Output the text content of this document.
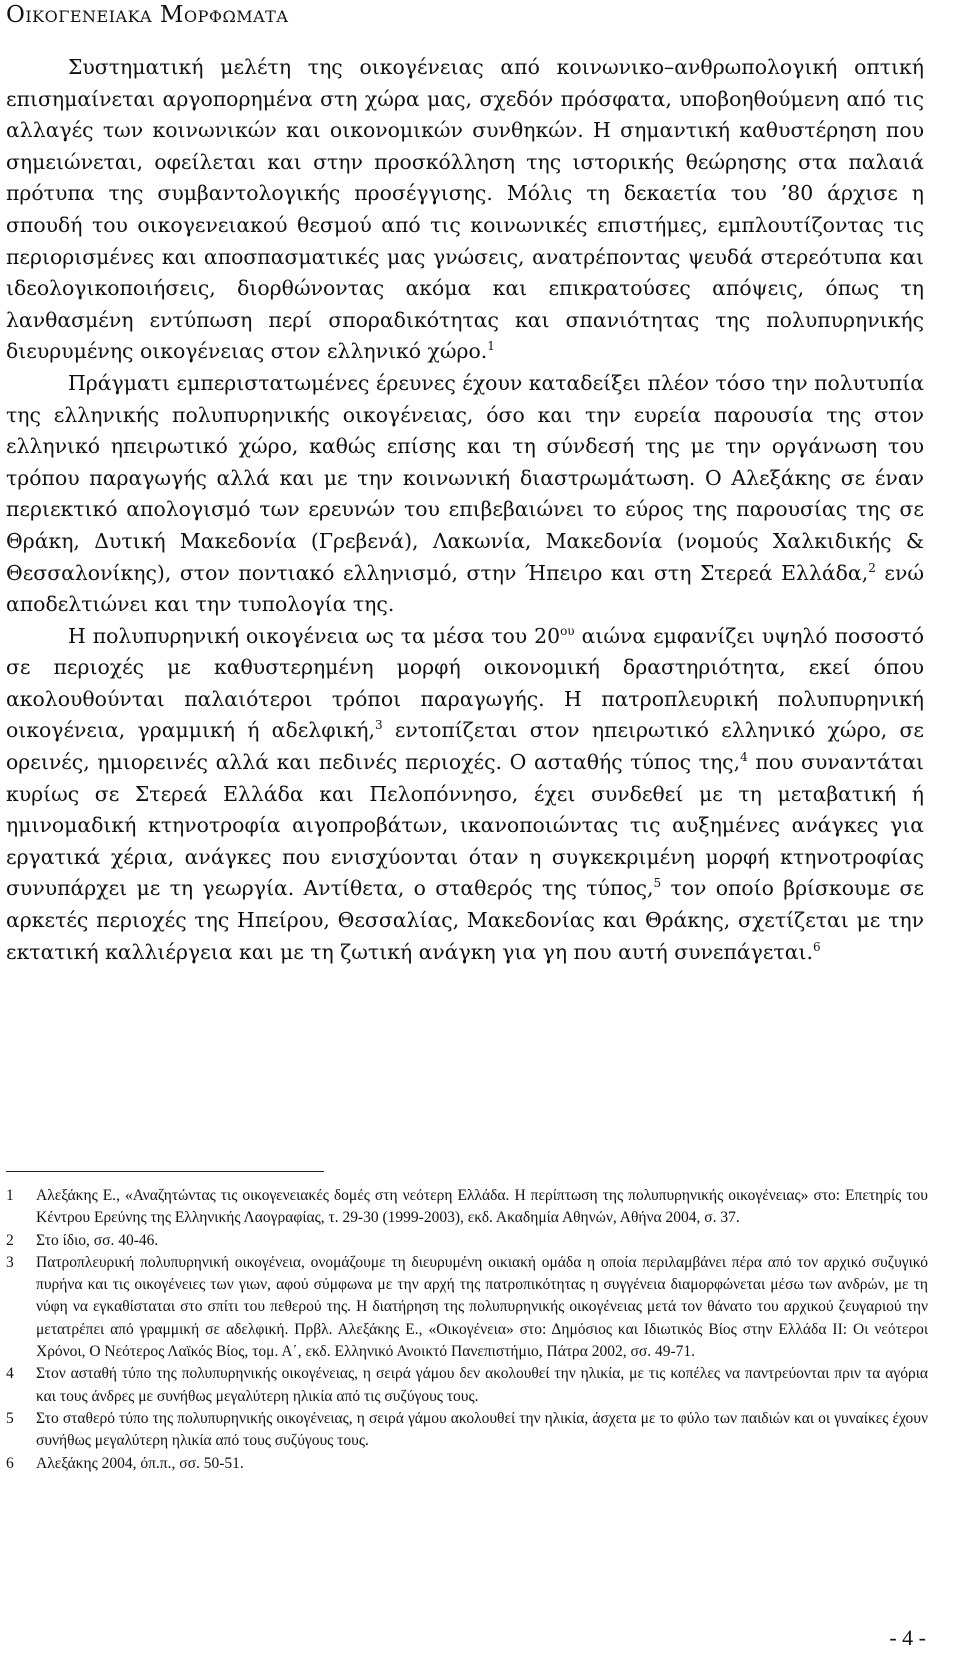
Οικογενειακα Μορφωματα

Συστηματική μελέτη της οικογένειας από κοινωνικο–ανθρωπολογική οπτική επισημαίνεται αργοπορημένα στη χώρα μας, σχεδόν πρόσφατα, υποβοηθούμενη από τις αλλαγές των κοινωνικών και οικονομικών συνθηκών. Η σημαντική καθυστέρηση που σημειώνεται, οφείλεται και στην προσκόλληση της ιστορικής θεώρησης στα παλαιά πρότυπα της συμβαντολογικής προσέγγισης. Μόλις τη δεκαετία του ’80 άρχισε η σπουδή του οικογενειακού θεσμού από τις κοινωνικές επιστήμες, εμπλουτίζοντας τις περιορισμένες και αποσπασματικές μας γνώσεις, ανατρέποντας ψευδά στερεότυπα και ιδεολογικοποιήσεις, διορθώνοντας ακόμα και επικρατούσες απόψεις, όπως τη λανθασμένη εντύπωση περί σποραδικότητας και σπανιότητας της πολυπυρηνικής διευρυμένης οικογένειας στον ελληνικό χώρο.$^1$

Πράγματι εμπεριστατωμένες έρευνες έχουν καταδείξει πλέον τόσο την πολυτυπία της ελληνικής πολυπυρηνικής οικογένειας, όσο και την ευρεία παρουσία της στον ελληνικό ηπειρωτικό χώρο, καθώς επίσης και τη σύνδεσή της με την οργάνωση του τρόπου παραγωγής αλλά και με την κοινωνική διαστρωμάτωση. Ο Αλεξάκης σε έναν περιεκτικό απολογισμό των ερευνών του επιβεβαιώνει το εύρος της παρουσίας της σε Θράκη, Δυτική Μακεδονία (Γρεβενά), Λακωνία, Μακεδονία (νομούς Χαλκιδικής & Θεσσαλονίκης), στον ποντιακό ελληνισμό, στην Ήπειρο και στη Στερεά Ελλάδα,$^2$ ενώ αποδελτιώνει και την τυπολογία της.

Η πολυπυρηνική οικογένεια ως τα μέσα του $20^{o\upsilon}$ αιώνα εμφανίζει υψηλό ποσοστό σε περιοχές με καθυστερημένη μορφή οικονομική δραστηριότητα, εκεί όπου ακολουθούνται παλαιότεροι τρόποι παραγωγής. Η πατροπλευρική πολυπυρηνική οικογένεια, γραμμική ή αδελφική,$^3$ εντοπίζεται στον ηπειρωτικό ελληνικό χώρο, σε ορεινές, ημιορεινές αλλά και πεδινές περιοχές. Ο ασταθής τύπος της,$^4$ που συναντάται κυρίως σε Στερεά Ελλάδα και Πελοπόννησο, έχει συνδεθεί με τη μεταβατική ή ημινομαδική κτηνοτροφία αιγοπροβάτων, ικανοποιώντας τις αυξημένες ανάγκες για εργατικά χέρια, ανάγκες που ενισχύονται όταν η συγκεκριμένη μορφή κτηνοτροφίας συνυπάρχει με τη γεωργία. Αντίθετα, ο σταθερός της τύπος,$^5$ τον οποίο βρίσκουμε σε αρκετές περιοχές της Ηπείρου, Θεσσαλίας, Μακεδονίας και Θράκης, σχετίζεται με την εκτατική καλλιέργεια και με τη ζωτική ανάγκη για γη που αυτή συνεπάγεται.$^6$

1 Αλεξάκης Ε., «Αναζητώντας τις οικογενειακές δομές στη νεότερη Ελλάδα. Η περίπτωση της πολυπυρηνικής οικογένειας» στο: Επετηρίς του Κέντρου Ερεύνης της Ελληνικής Λαογραφίας, τ. 29-30 (1999-2003), εκδ. Ακαδημία Αθηνών, Αθήνα 2004, σ. 37.
2 Στο ίδιο, σσ. 40-46.
3 Πατροπλευρική πολυπυρηνική οικογένεια, ονομάζουμε τη διευρυμένη οικιακή ομάδα η οποία περιλαμβάνει πέρα από τον αρχικό συζυγικό πυρήνα και τις οικογένειες των γιων, αφού σύμφωνα με την αρχή της πατροπικότητας η συγγένεια διαμορφώνεται μέσω των ανδρών, με τη νύφη να εγκαθίσταται στο σπίτι του πεθερού της. Η διατήρηση της πολυπυρηνικής οικογένειας μετά τον θάνατο του αρχικού ζευγαριού την μετατρέπει από γραμμική σε αδελφική. Πρβλ. Αλεξάκης Ε., «Οικογένεια» στο: Δημόσιος και Ιδιωτικός Βίος στην Ελλάδα ΙΙ: Οι νεότεροι Χρόνοι, Ο Νεότερος Λαϊκός Βίος, τομ. Α΄, εκδ. Ελληνικό Ανοικτό Πανεπιστήμιο, Πάτρα 2002, σσ. 49-71.
4 Στον ασταθή τύπο της πολυπυρηνικής οικογένειας, η σειρά γάμου δεν ακολουθεί την ηλικία, με τις κοπέλες να παντρεύονται πριν τα αγόρια και τους άνδρες με συνήθως μεγαλύτερη ηλικία από τις συζύγους τους.
5 Στο σταθερό τύπο της πολυπυρηνικής οικογένειας, η σειρά γάμου ακολουθεί την ηλικία, άσχετα με το φύλο των παιδιών και οι γυναίκες έχουν συνήθως μεγαλύτερη ηλικία από τους συζύγους τους.
6 Αλεξάκης 2004, όπ.π., σσ. 50-51.
- 4 -
